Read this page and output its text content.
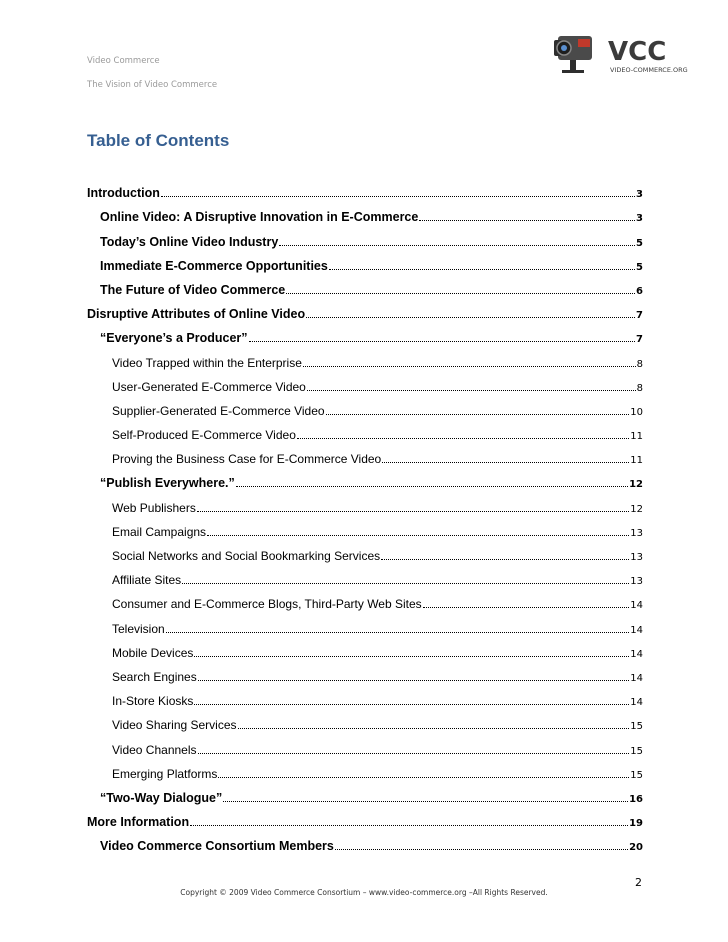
Video Commerce
The Vision of Video Commerce
VCC
VIDEO-COMMERCE.ORG
Table of Contents
Introduction	3
Online Video: A Disruptive Innovation in E-Commerce	3
Today’s Online Video Industry	5
Immediate E-Commerce Opportunities	5
The Future of Video Commerce	6
Disruptive Attributes of Online Video	7
“Everyone’s a Producer”	7
Video Trapped within the Enterprise	8
User-Generated E-Commerce Video	8
Supplier-Generated E-Commerce Video	10
Self-Produced E-Commerce Video	11
Proving the Business Case for E-Commerce Video	11
“Publish Everywhere.”	12
Web Publishers	12
Email Campaigns	13
Social Networks and Social Bookmarking Services	13
Affiliate Sites	13
Consumer and E-Commerce Blogs, Third-Party Web Sites	14
Television	14
Mobile Devices	14
Search Engines	14
In-Store Kiosks	14
Video Sharing Services	15
Video Channels	15
Emerging Platforms	15
“Two-Way Dialogue”	16
More Information	19
Video Commerce Consortium Members	20
2
Copyright © 2009 Video Commerce Consortium – www.video-commerce.org –All Rights Reserved.
